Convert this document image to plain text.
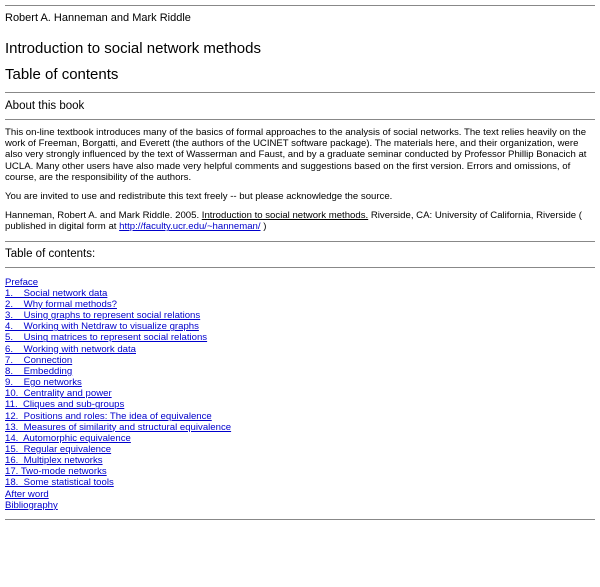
Robert A. Hanneman and Mark Riddle
Introduction to social network methods
Table of contents
About this book

This on-line textbook introduces many of the basics of formal approaches to the analysis of social networks. The text relies heavily on the work of Freeman, Borgatti, and Everett (the authors of the UCINET software package). The materials here, and their organization, were also very strongly influenced by the text of Wasserman and Faust, and by a graduate seminar conducted by Professor Phillip Bonacich at UCLA. Many other users have also made very helpful comments and suggestions based on the first version. Errors and omissions, of course, are the responsibility of the authors.

You are invited to use and redistribute this text freely -- but please acknowledge the source.

Hanneman, Robert A. and Mark Riddle. 2005. Introduction to social network methods. Riverside, CA: University of California, Riverside ( published in digital form at http://faculty.ucr.edu/~hanneman/ )

Table of contents:
Preface
1.    Social network data
2.    Why formal methods?
3.    Using graphs to represent social relations
4.    Working with Netdraw to visualize graphs
5.    Using matrices to represent social relations
6.    Working with network data
7.    Connection
8.    Embedding
9.    Ego networks
10.  Centrality and power
11.  Cliques and sub-groups
12.  Positions and roles: The idea of equivalence
13.  Measures of similarity and structural equivalence
14.  Automorphic equivalence
15.  Regular equivalence
16.  Multiplex networks
17. Two-mode networks
18.  Some statistical tools
After word
Bibliography
